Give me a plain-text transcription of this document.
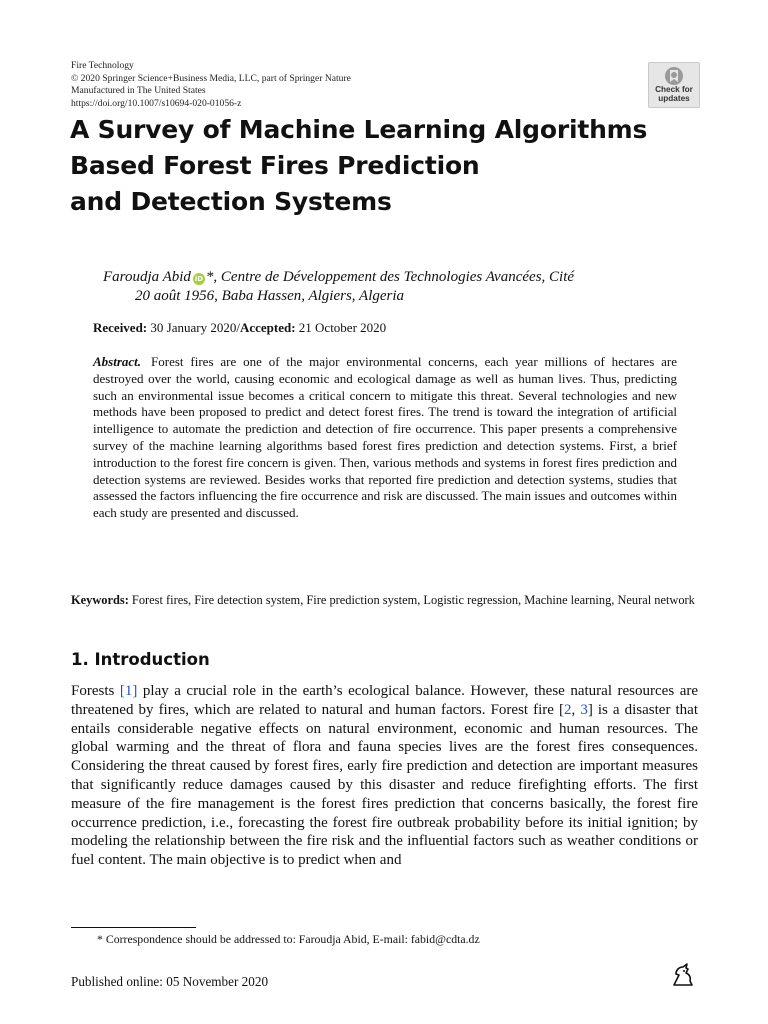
Fire Technology
© 2020 Springer Science+Business Media, LLC, part of Springer Nature
Manufactured in The United States
https://doi.org/10.1007/s10694-020-01056-z
Check for
updates
A Survey of Machine Learning Algorithms
Based Forest Fires Prediction
and Detection Systems
Faroudja Abid iD *, Centre de Développement des Technologies Avancées, Cité
20 août 1956, Baba Hassen, Algiers, Algeria
Received: 30 January 2020/Accepted: 21 October 2020
Abstract. Forest fires are one of the major environmental concerns, each year millions of hectares are destroyed over the world, causing economic and ecological damage as well as human lives. Thus, predicting such an environmental issue becomes a critical concern to mitigate this threat. Several technologies and new methods have been proposed to predict and detect forest fires. The trend is toward the integration of artificial intelligence to automate the prediction and detection of fire occurrence. This paper presents a comprehensive survey of the machine learning algorithms based forest fires prediction and detection systems. First, a brief introduction to the forest fire concern is given. Then, various methods and systems in forest fires prediction and detection systems are reviewed. Besides works that reported fire prediction and detection systems, studies that assessed the factors influencing the fire occurrence and risk are discussed. The main issues and outcomes within each study are presented and discussed.
Keywords: Forest fires, Fire detection system, Fire prediction system, Logistic regression, Machine learning, Neural network
1. Introduction
Forests [1] play a crucial role in the earth’s ecological balance. However, these natural resources are threatened by fires, which are related to natural and human factors. Forest fire [2, 3] is a disaster that entails considerable negative effects on natural environment, economic and human resources. The global warming and the threat of flora and fauna species lives are the forest fires consequences. Considering the threat caused by forest fires, early fire prediction and detection are important measures that significantly reduce damages caused by this disaster and reduce firefighting efforts. The first measure of the fire management is the forest fires prediction that concerns basically, the forest fire occurrence prediction, i.e., forecasting the forest fire outbreak probability before its initial ignition; by modeling the relationship between the fire risk and the influential factors such as weather conditions or fuel content. The main objective is to predict when and
* Correspondence should be addressed to: Faroudja Abid, E-mail: fabid@cdta.dz
Published online: 05 November 2020
